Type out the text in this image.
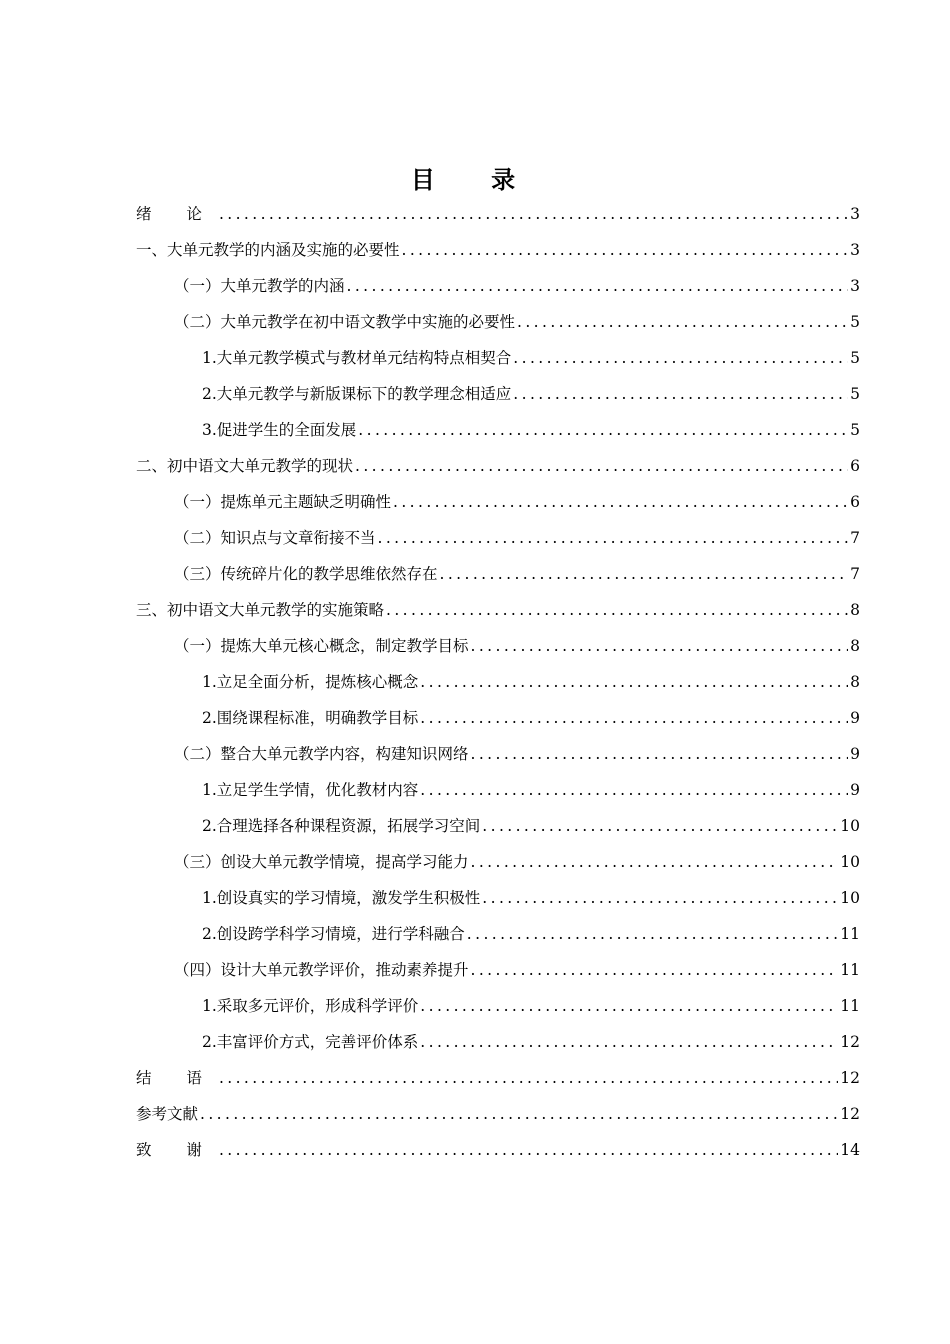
目 录
绪 论 .....	3
一、大单元教学的内涵及实施的必要性 .....	3
（一）大单元教学的内涵 .....	3
（二）大单元教学在初中语文教学中实施的必要性 .....	5
1.大单元教学模式与教材单元结构特点相契合 .....	5
2.大单元教学与新版课标下的教学理念相适应 .....	5
3.促进学生的全面发展 .....	5
二、初中语文大单元教学的现状 .....	6
（一）提炼单元主题缺乏明确性 .....	6
（二）知识点与文章衔接不当 .....	7
（三）传统碎片化的教学思维依然存在 .....	7
三、初中语文大单元教学的实施策略 .....	8
（一）提炼大单元核心概念，制定教学目标 .....	8
1.立足全面分析，提炼核心概念 .....	8
2.围绕课程标准，明确教学目标 .....	9
（二）整合大单元教学内容，构建知识网络 .....	9
1.立足学生学情，优化教材内容 .....	9
2.合理选择各种课程资源，拓展学习空间 .....	10
（三）创设大单元教学情境，提高学习能力 .....	10
1.创设真实的学习情境，激发学生积极性 .....	10
2.创设跨学科学习情境，进行学科融合 .....	11
（四）设计大单元教学评价，推动素养提升 .....	11
1.采取多元评价，形成科学评价 .....	11
2.丰富评价方式，完善评价体系 .....	12
结 语 .....	12
参考文献 .....	12
致 谢 .....	14
